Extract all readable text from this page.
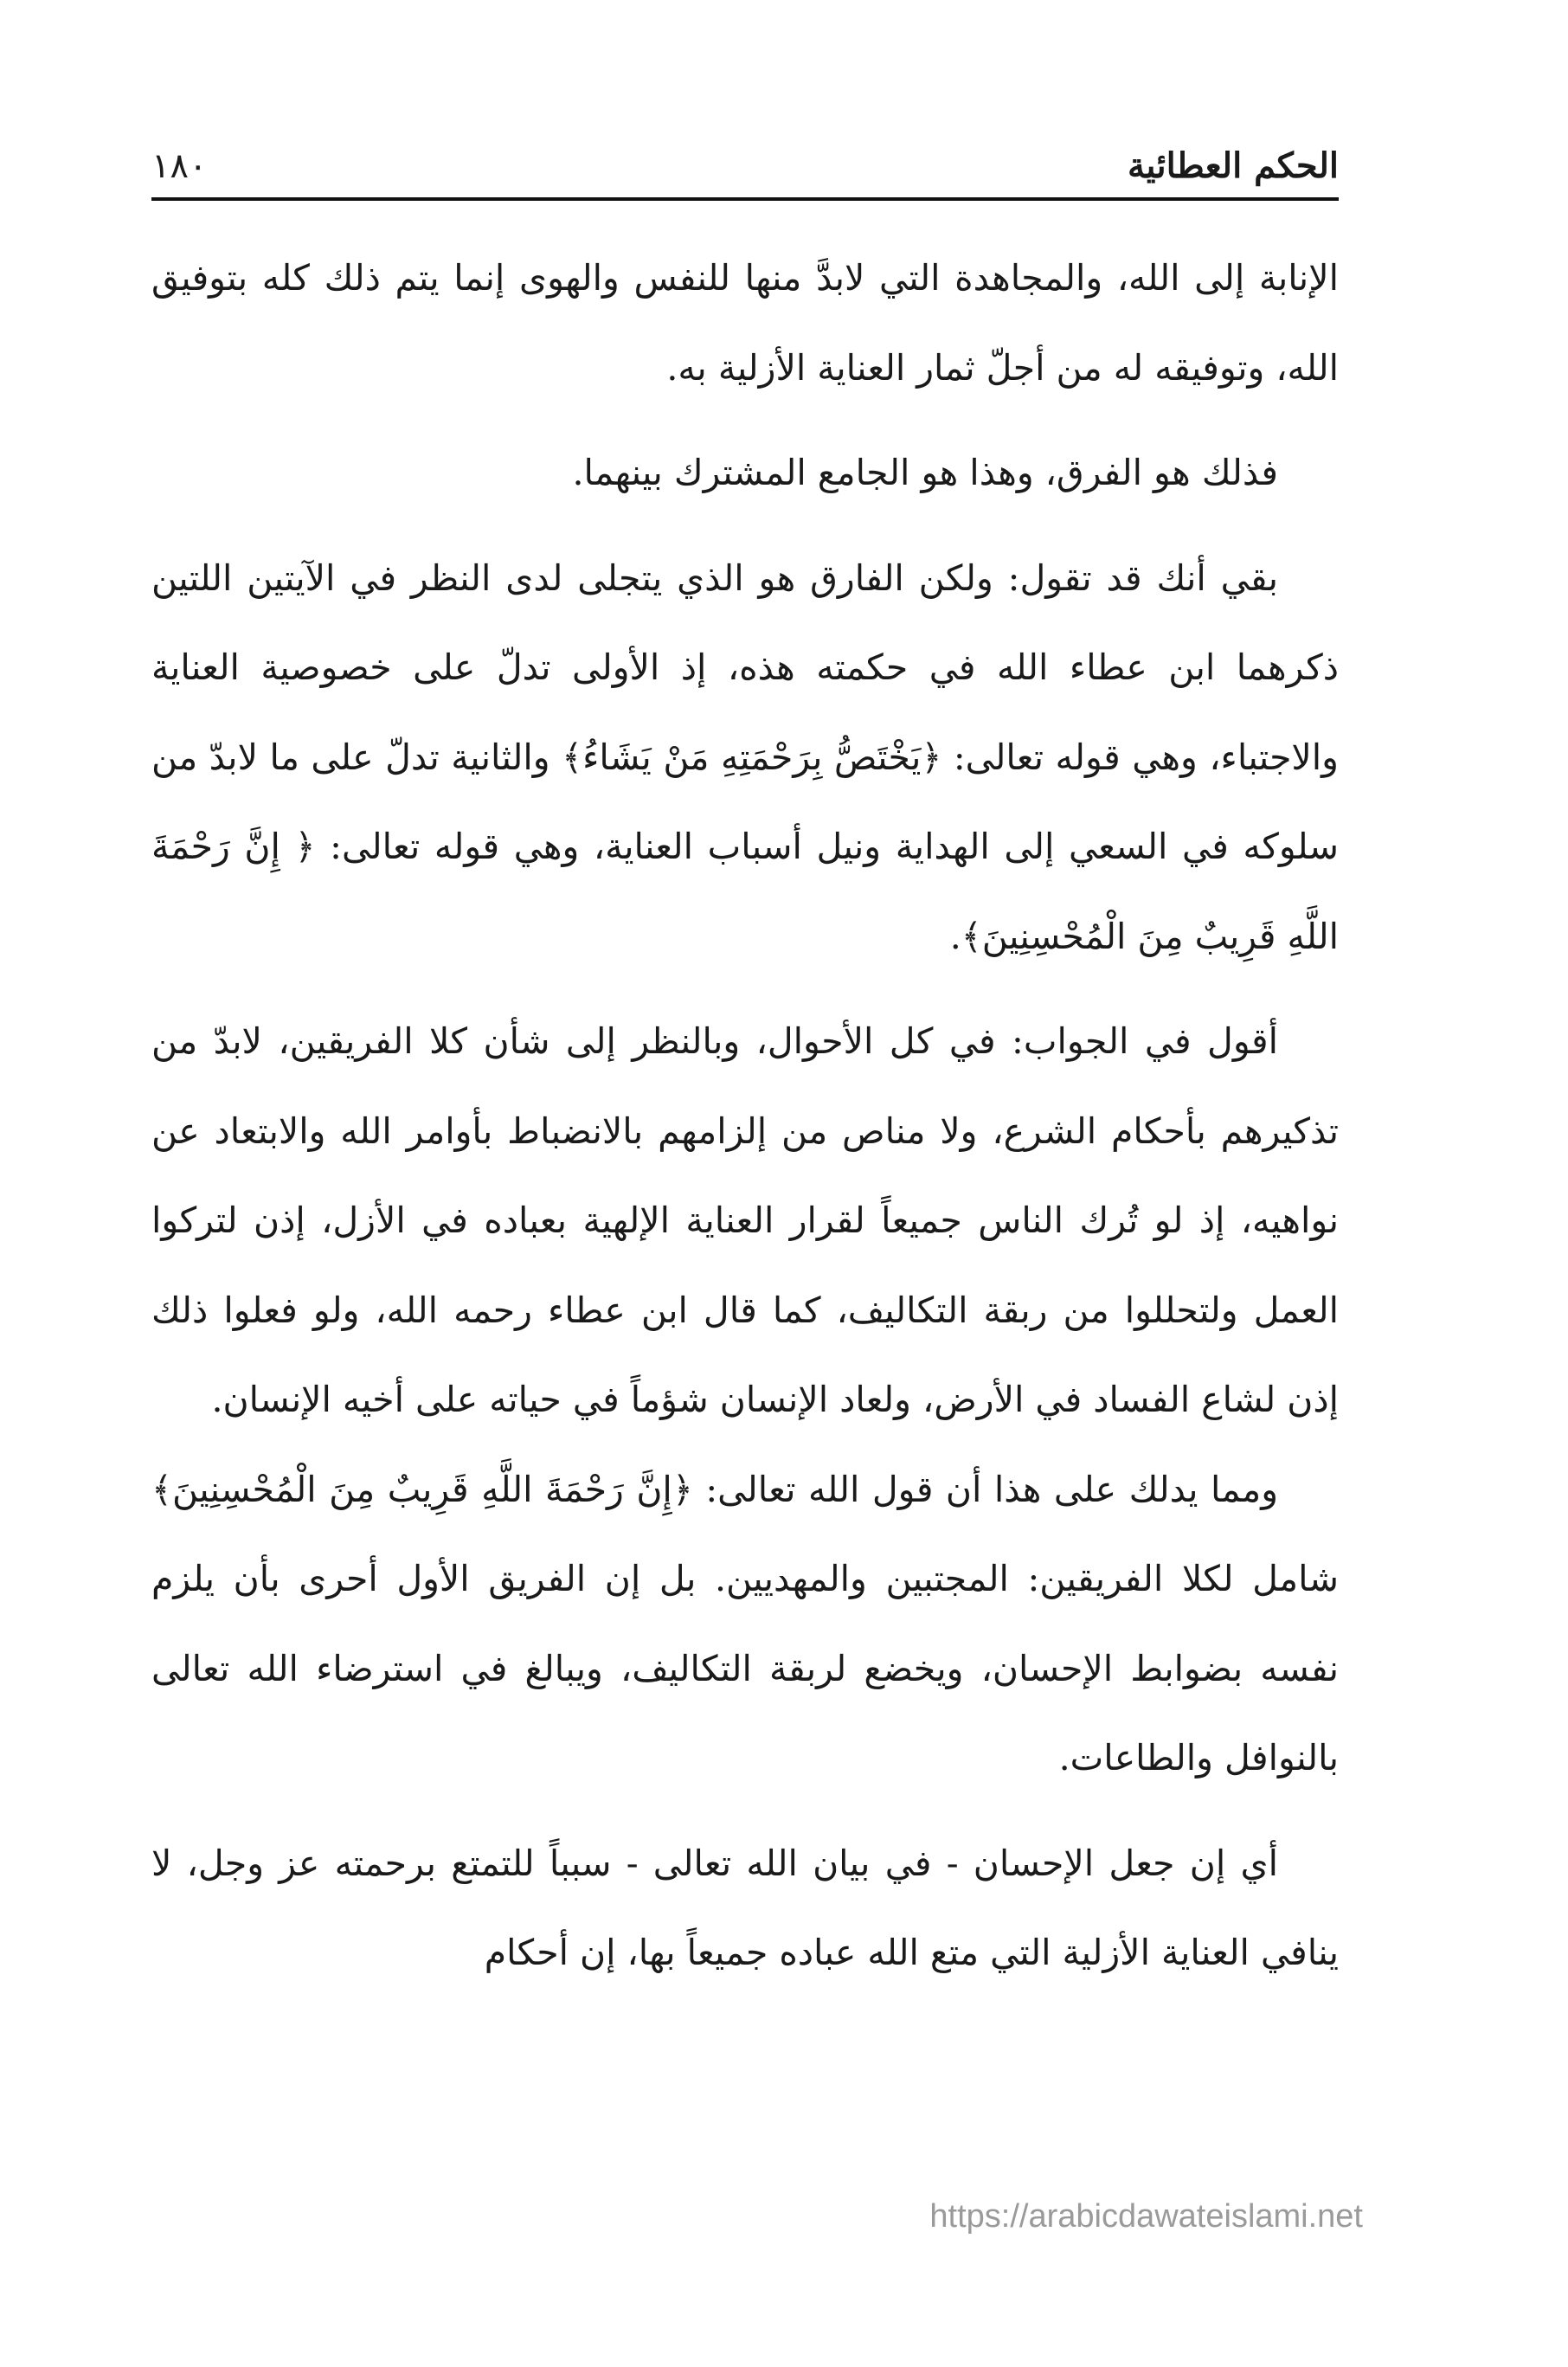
الحكم العطائية
١٨٠

الإنابة إلى الله، والمجاهدة التي لابدَّ منها للنفس والهوى إنما يتم ذلك كله بتوفيق الله، وتوفيقه له من أجلّ ثمار العناية الأزلية به.

فذلك هو الفرق، وهذا هو الجامع المشترك بينهما.

بقي أنك قد تقول: ولكن الفارق هو الذي يتجلى لدى النظر في الآيتين اللتين ذكرهما ابن عطاء الله في حكمته هذه، إذ الأولى تدلّ على خصوصية العناية والاجتباء، وهي قوله تعالى: ﴿يَخْتَصُّ بِرَحْمَتِهِ مَنْ يَشَاءُ﴾ والثانية تدلّ على ما لابدّ من سلوكه في السعي إلى الهداية ونيل أسباب العناية، وهي قوله تعالى: ﴿ إِنَّ رَحْمَةَ اللَّهِ قَرِيبٌ مِنَ الْمُحْسِنِينَ﴾.

أقول في الجواب: في كل الأحوال، وبالنظر إلى شأن كلا الفريقين، لابدّ من تذكيرهم بأحكام الشرع، ولا مناص من إلزامهم بالانضباط بأوامر الله والابتعاد عن نواهيه، إذ لو تُرك الناس جميعاً لقرار العناية الإلهية بعباده في الأزل، إذن لتركوا العمل ولتحللوا من ربقة التكاليف، كما قال ابن عطاء رحمه الله، ولو فعلوا ذلك إذن لشاع الفساد في الأرض، ولعاد الإنسان شؤماً في حياته على أخيه الإنسان.

ومما يدلك على هذا أن قول الله تعالى: ﴿إِنَّ رَحْمَةَ اللَّهِ قَرِيبٌ مِنَ الْمُحْسِنِينَ﴾ شامل لكلا الفريقين: المجتبين والمهديين. بل إن الفريق الأول أحرى بأن يلزم نفسه بضوابط الإحسان، ويخضع لربقة التكاليف، ويبالغ في استرضاء الله تعالى بالنوافل والطاعات.

أي إن جعل الإحسان - في بيان الله تعالى - سبباً للتمتع برحمته عز وجل، لا ينافي العناية الأزلية التي متع الله عباده جميعاً بها، إن أحكام

https://arabicdawateislami.net
